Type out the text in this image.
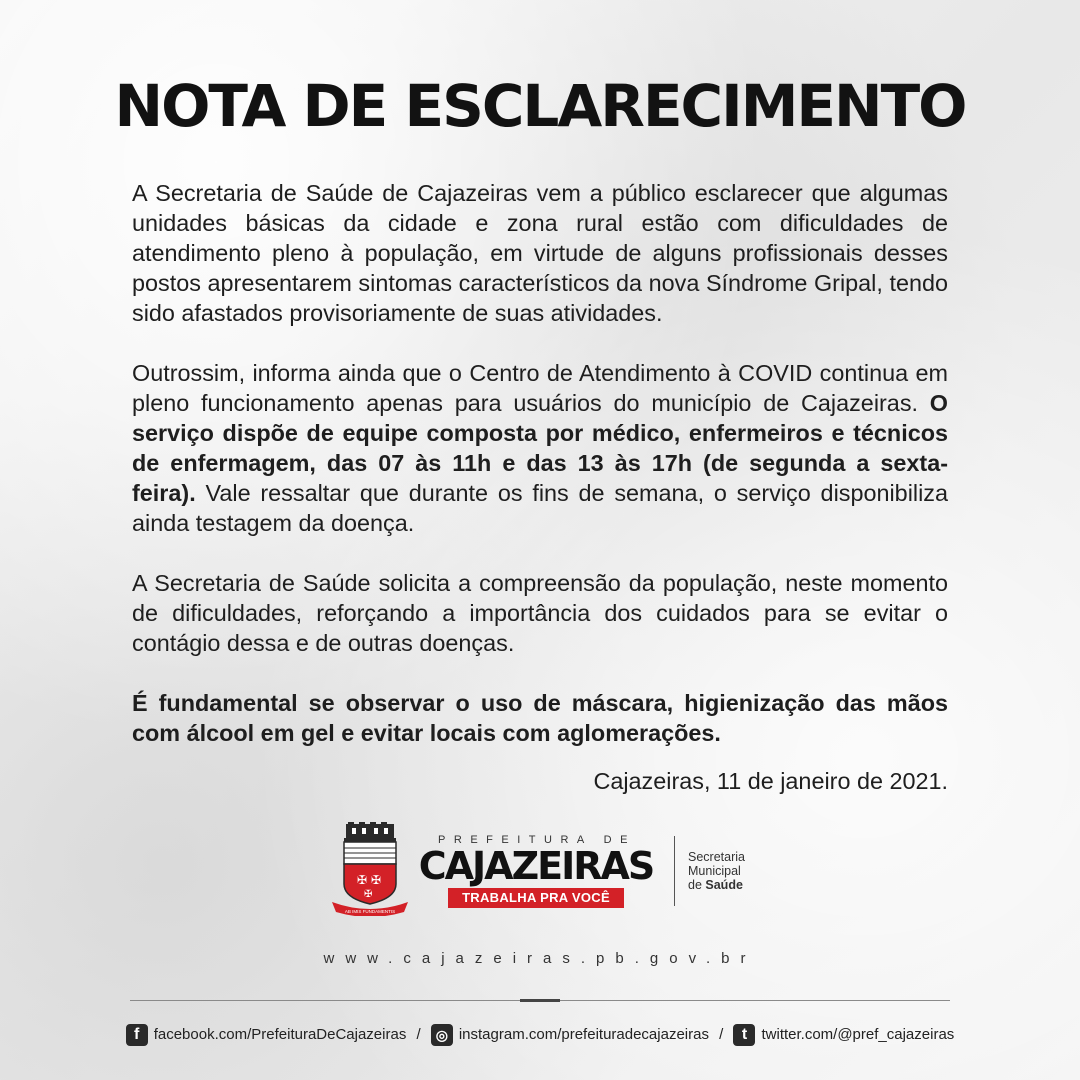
NOTA DE ESCLARECIMENTO

A Secretaria de Saúde de Cajazeiras vem a público esclarecer que algumas unidades básicas da cidade e zona rural estão com dificuldades de atendimento pleno à população, em virtude de alguns profissionais desses postos apresentarem sintomas característicos da nova Síndrome Gripal, tendo sido afastados provisoriamente de suas atividades.

Outrossim, informa ainda que o Centro de Atendimento à COVID continua em pleno funcionamento apenas para usuários do município de Cajazeiras. O serviço dispõe de equipe composta por médico, enfermeiros e técnicos de enfermagem, das 07 às 11h e das 13 às 17h (de segunda a sexta-feira). Vale ressaltar que durante os fins de semana, o serviço disponibiliza ainda testagem da doença.

A Secretaria de Saúde solicita a compreensão da população, neste momento de dificuldades, reforçando a importância dos cuidados para se evitar o contágio dessa e de outras doenças.

É fundamental se observar o uso de máscara, higienização das mãos com álcool em gel e evitar locais com aglomerações.

Cajazeiras, 11 de janeiro de 2021.
✠ ✠
✠
AB IMIS FUNDAMENTIS
PREFEITURA DE
CAJAZEIRAS
TRABALHA PRA VOCÊ
Secretaria
Municipal
de Saúde
www.cajazeiras.pb.gov.br
f facebook.com/PrefeituraDeCajazeiras / ◎ instagram.com/prefeituradecajazeiras / t twitter.com/@pref_cajazeiras
